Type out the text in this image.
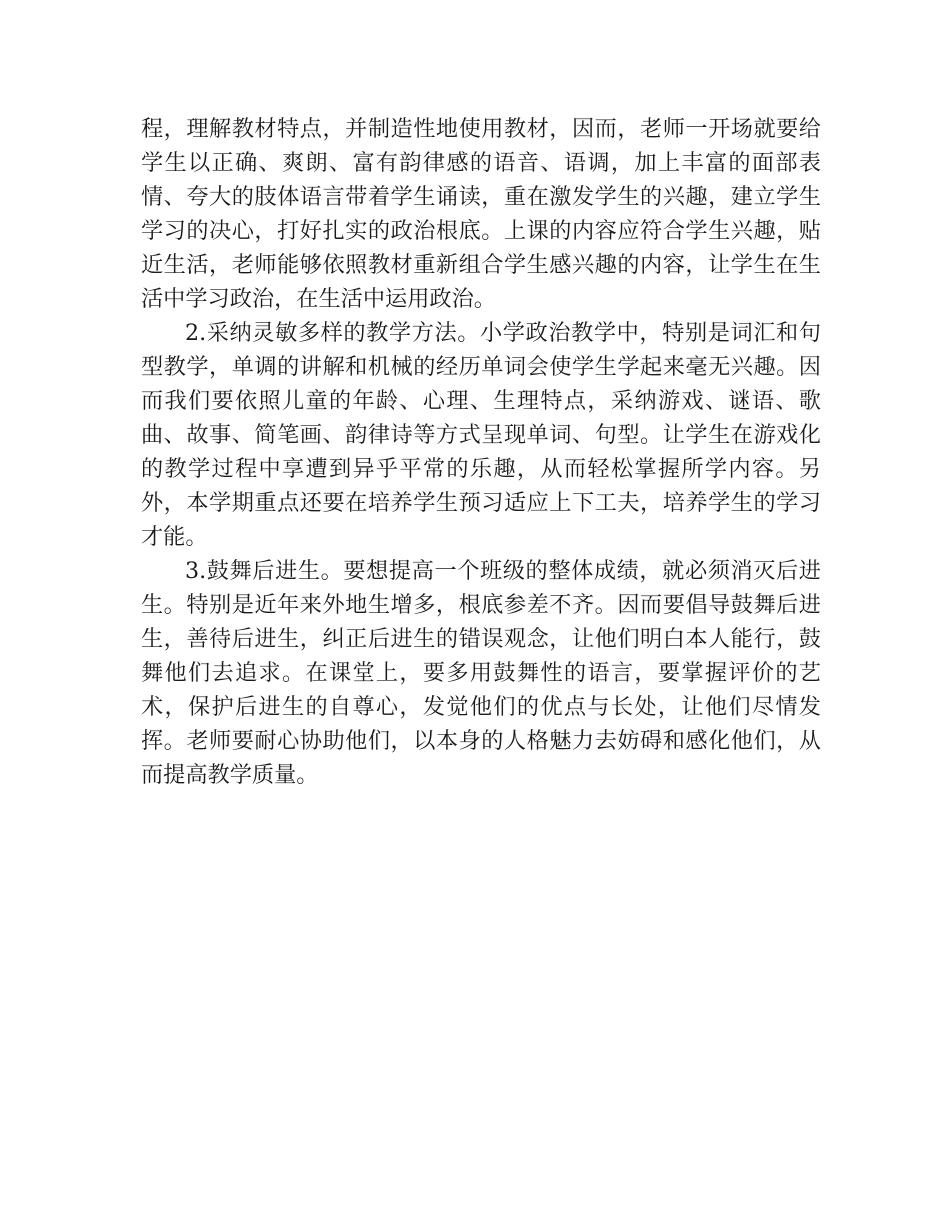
程，理解教材特点，并制造性地使用教材，因而，老师一开场就要给学生以正确、爽朗、富有韵律感的语音、语调，加上丰富的面部表情、夸大的肢体语言带着学生诵读，重在激发学生的兴趣，建立学生学习的决心，打好扎实的政治根底。上课的内容应符合学生兴趣，贴近生活，老师能够依照教材重新组合学生感兴趣的内容，让学生在生活中学习政治，在生活中运用政治。

2.采纳灵敏多样的教学方法。小学政治教学中，特别是词汇和句型教学，单调的讲解和机械的经历单词会使学生学起来毫无兴趣。因而我们要依照儿童的年龄、心理、生理特点，采纳游戏、谜语、歌曲、故事、简笔画、韵律诗等方式呈现单词、句型。让学生在游戏化的教学过程中享遭到异乎平常的乐趣，从而轻松掌握所学内容。另外，本学期重点还要在培养学生预习适应上下工夫，培养学生的学习才能。

3.鼓舞后进生。要想提高一个班级的整体成绩，就必须消灭后进生。特别是近年来外地生增多，根底参差不齐。因而要倡导鼓舞后进生，善待后进生，纠正后进生的错误观念，让他们明白本人能行，鼓舞他们去追求。在课堂上，要多用鼓舞性的语言，要掌握评价的艺术，保护后进生的自尊心，发觉他们的优点与长处，让他们尽情发挥。老师要耐心协助他们，以本身的人格魅力去妨碍和感化他们，从而提高教学质量。
